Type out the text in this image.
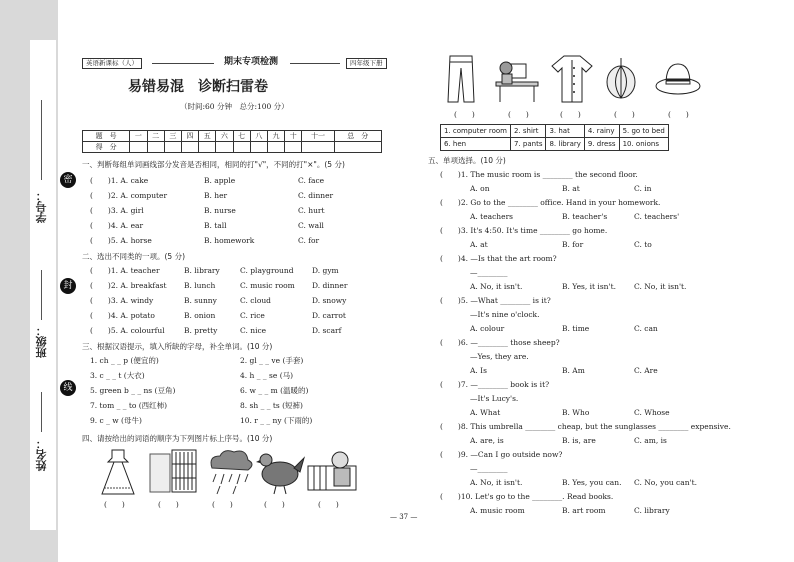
姓名：
班级：
学号：
密
封
线
英语新课标（人）	期末专项检测	四年级下册
易错易混　诊断扫雷卷
（时间:60 分钟　总分:100 分）
题　号	一	二	三	四	五	六	七	八	九	十	十一	总　分
得　分												
一、判断每组单词画线部分发音是否相同，相同的打"√"，不同的打"×"。(5 分)
(　　)1. A. cake	B. apple	C. face
(　　)2. A. computer	B. her	C. dinner
(　　)3. A. girl	B. nurse	C. hurt
(　　)4. A. ear	B. tall	C. wall
(　　)5. A. horse	B. homework	C. for
二、选出不同类的一项。(5 分)
(　　)1. A. teacher	B. library	C. playground D. gym
(　　)2. A. breakfast B. lunch	C. music room D. dinner
(　　)3. A. windy	B. sunny	C. cloud	D. snowy
(　　)4. A. potato	B. onion	C. rice	D. carrot
(　　)5. A. colourful	B. pretty	C. nice	D. scarf
三、根据汉语提示，填入所缺的字母，补全单词。(10 分)
1. ch _ _ p (便宜的)	2. gl _ _ ve (手套)
3. c _ _ t (大衣)	4. h _ _ se (马)
5. green b _ _ ns (豆角)	6. w _ _ m (温暖的)
7. tom _ _ to (西红柿)	8. sh _ _ ts (短裤)
9. c _ w (母牛)	10. r _ _ ny (下雨的)
四、请按给出的词语的顺序为下列图片标上序号。(10 分)
(　　)	(　　)	(　　)	(　　)	(　　)
(　　)	(　　)	(　　)	(　　)	(　　)
1. computer room	2. shirt	3. hat	4. rainy	5. go to bed
6. hen	7. pants	8. library	9. dress	10. onions
五、单项选择。(10 分)
(　　)1. The music room is ________ the second floor.
A. on	B. at	C. in
(　　)2. Go to the ________ office. Hand in your homework.
A. teachers	B. teacher's	C. teachers'
(　　)3. It's 4:50. It's time ________ go home.
A. at	B. for	C. to
(　　)4. —Is that the art room?
—________
A. No, it isn't.	B. Yes, it isn't. C. No, it isn't.
(　　)5. —What ________ is it?
—It's nine o'clock.
A. colour	B. time	C. can
(　　)6. —________ those sheep?
—Yes, they are.
A. Is	B. Am	C. Are
(　　)7. —________ book is it?
—It's Lucy's.
A. What	B. Who	C. Whose
(　　)8. This umbrella ________ cheap, but the sunglasses ________ expensive.
A. are, is	B. is, are	C. am, is
(　　)9. —Can I go outside now?
—________
A. No, it isn't.	B. Yes, you can. C. No, you can't.
(　　)10. Let's go to the ________. Read books.
A. music room	B. art room	C. library
— 37 —
